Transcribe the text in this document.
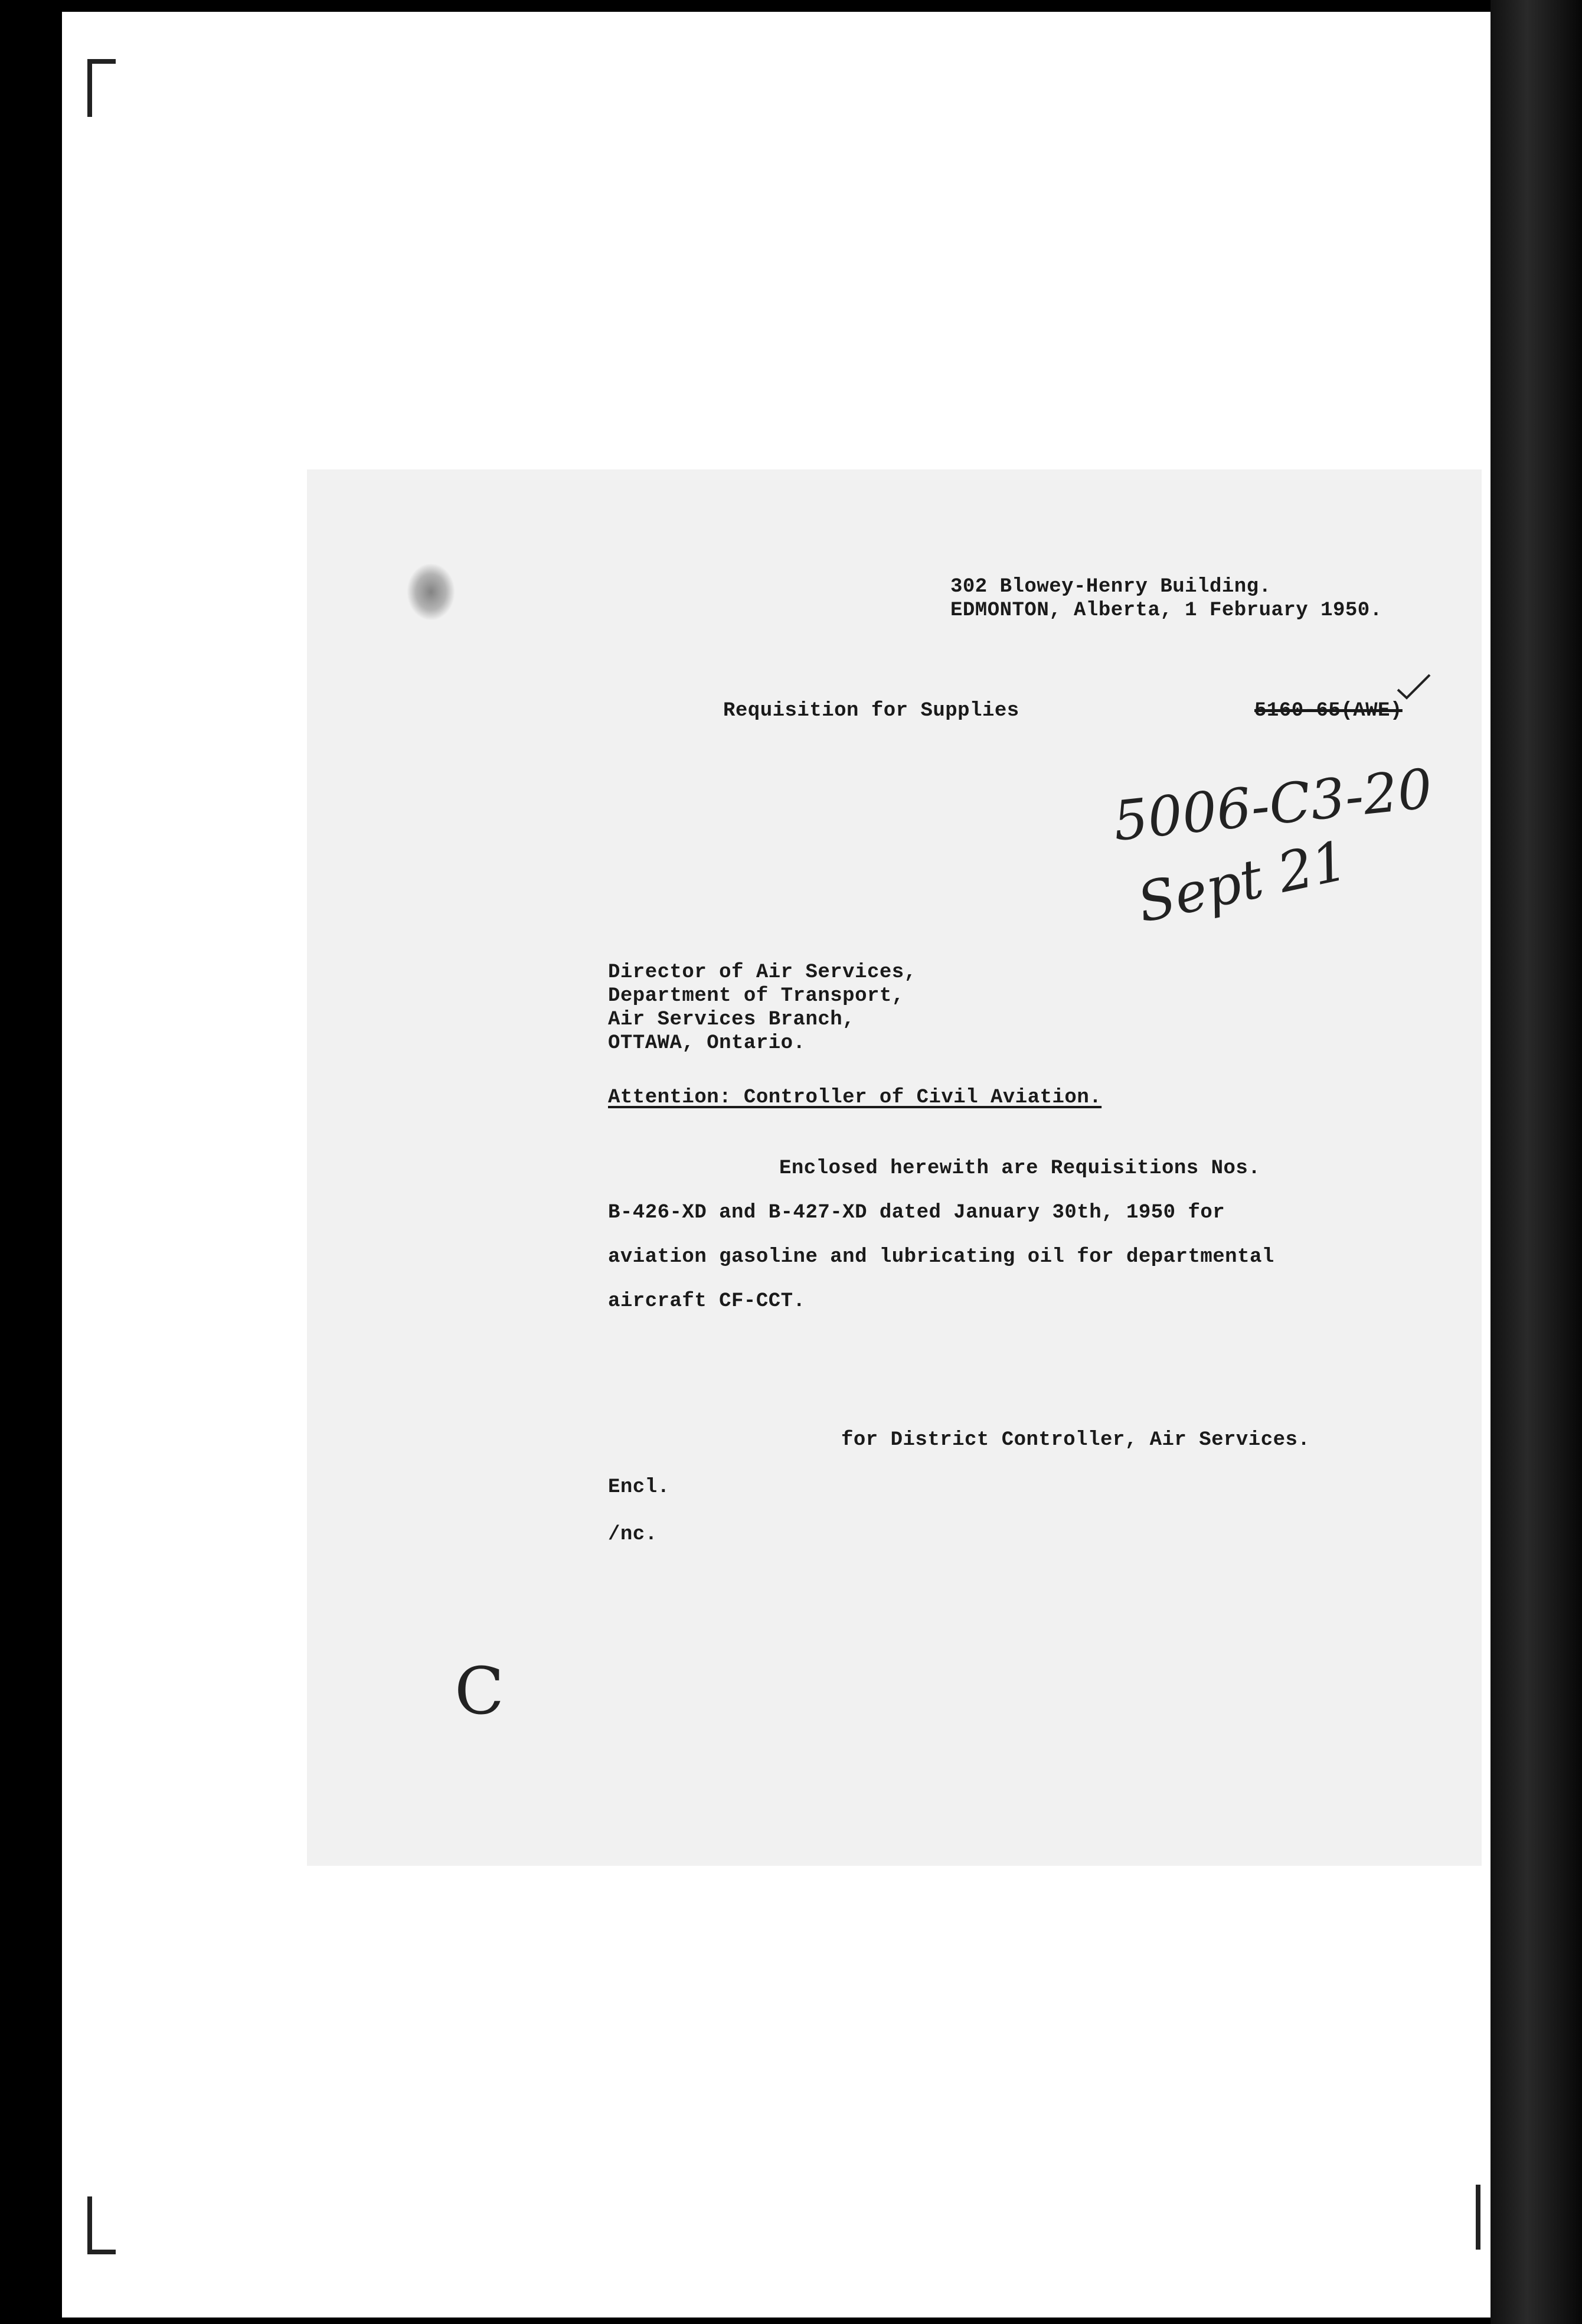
302 Blowey-Henry Building.
EDMONTON, Alberta, 1 February 1950.
Requisition for Supplies	5160-65(AWE)
5006-C3-20
Sept 21
C
Director of Air Services,
Department of Transport,
Air Services Branch,
OTTAWA, Ontario.
Attention: Controller of Civil Aviation.
Enclosed herewith are Requisitions Nos.
B-426-XD and B-427-XD dated January 30th, 1950 for
aviation gasoline and lubricating oil for departmental
aircraft CF-CCT.
for District Controller, Air Services.
Encl.
/nc.
